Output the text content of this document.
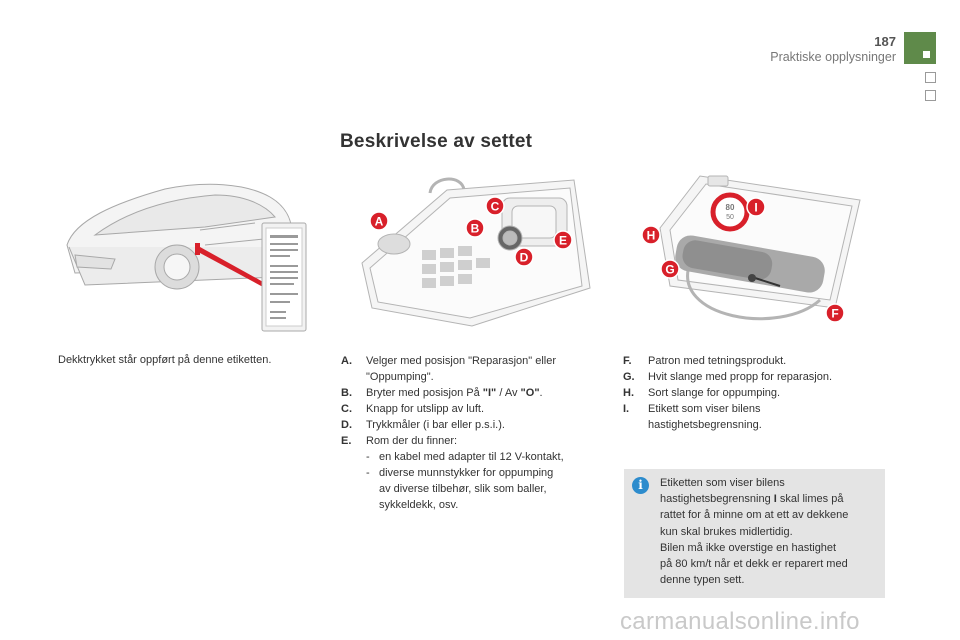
187
Praktiske opplysninger
Beskrivelse av settet
A
C
B
E
D
80
50
I
H
G
F
Dekktrykket står oppført på denne etiketten.	A. Velger med posisjon "Reparasjon" eller
"Oppumping".
B. Bryter med posisjon På "I" / Av "O".
C. Knapp for utslipp av luft.
D. Trykkmåler (i bar eller p.s.i.).
E. Rom der du finner:
- en kabel med adapter til 12 V-kontakt,
- diverse munnstykker for oppumping
av diverse tilbehør, slik som baller,
sykkeldekk, osv.
F. Patron med tetningsprodukt.
G. Hvit slange med propp for reparasjon.
H. Sort slange for oppumping.
I. Etikett som viser bilens
hastighetsbegrensning.
i	Etiketten som viser bilens
hastighetsbegrensning I skal limes på
rattet for å minne om at ett av dekkene
kun skal brukes midlertidig.
Bilen må ikke overstige en hastighet
på 80 km/t når et dekk er reparert med
denne typen sett.
carmanualsonline.info
